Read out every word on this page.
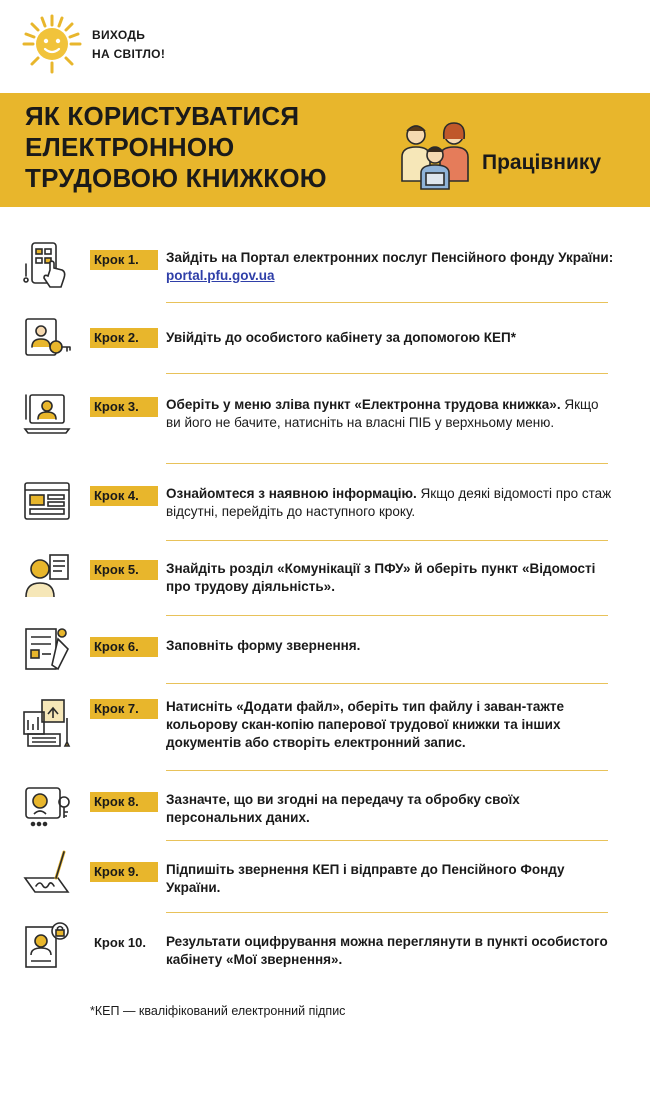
ВИХОДЬ
НА СВІТЛО!
ЯК КОРИСТУВАТИСЯ
ЕЛЕКТРОННОЮ
ТРУДОВОЮ КНИЖКОЮ
Працівнику
Крок 1.	Зайдіть на Портал електронних послуг Пенсійного фонду України: portal.pfu.gov.ua
Крок 2.	Увійдіть до особистого кабінету за допомогою КЕП*
Крок 3.	Оберіть у меню зліва пункт «Електронна трудова книжка». Якщо ви його не бачите, натисніть на власні ПІБ у верхньому меню.
Крок 4.	Ознайомтеся з наявною інформацію. Якщо деякі відомості про стаж відсутні, перейдіть до наступного кроку.
Крок 5.	Знайдіть розділ «Комунікації з ПФУ» й оберіть пункт «Відомості про трудову діяльність».
Крок 6.	Заповніть форму звернення.
Крок 7.	Натисніть «Додати файл», оберіть тип файлу і заван-тажте кольорову скан-копію паперової трудової книжки та інших документів або створіть електронний запис.
Крок 8.	Зазначте, що ви згодні на передачу та обробку своїх персональних даних.
Крок 9.	Підпишіть звернення КЕП і відправте до Пенсійного Фонду України.
Крок 10.	Результати оцифрування можна переглянути в пункті особистого кабінету «Мої звернення».
*КЕП — кваліфікований електронний підпис
